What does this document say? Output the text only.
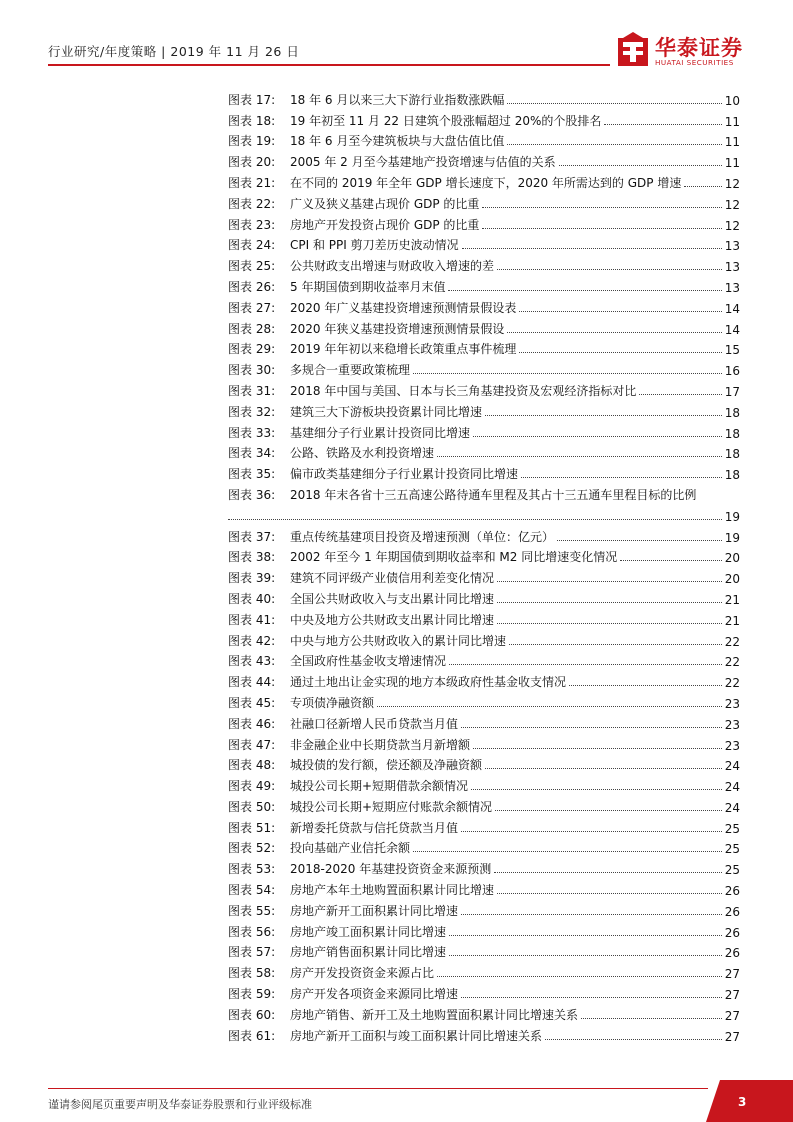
行业研究/年度策略 | 2019 年 11 月 26 日	华泰证券
HUATAI SECURITIES
图表 17:	18 年 6 月以来三大下游行业指数涨跌幅	10
图表 18:	19 年初至 11 月 22 日建筑个股涨幅超过 20%的个股排名	11
图表 19:	18 年 6 月至今建筑板块与大盘估值比值	11
图表 20:	2005 年 2 月至今基建地产投资增速与估值的关系	11
图表 21:	在不同的 2019 年全年 GDP 增长速度下，2020 年所需达到的 GDP 增速	12
图表 22:	广义及狭义基建占现价 GDP 的比重	12
图表 23:	房地产开发投资占现价 GDP 的比重	12
图表 24:	CPI 和 PPI 剪刀差历史波动情况	13
图表 25:	公共财政支出增速与财政收入增速的差	13
图表 26:	5 年期国债到期收益率月末值	13
图表 27:	2020 年广义基建投资增速预测情景假设表	14
图表 28:	2020 年狭义基建投资增速预测情景假设	14
图表 29:	2019 年年初以来稳增长政策重点事件梳理	15
图表 30:	多规合一重要政策梳理	16
图表 31:	2018 年中国与美国、日本与长三角基建投资及宏观经济指标对比	17
图表 32:	建筑三大下游板块投资累计同比增速	18
图表 33:	基建细分子行业累计投资同比增速	18
图表 34:	公路、铁路及水利投资增速	18
图表 35:	偏市政类基建细分子行业累计投资同比增速	18
图表 36:	2018 年末各省十三五高速公路待通车里程及其占十三五通车里程目标的比例
19
图表 37:	重点传统基建项目投资及增速预测（单位：亿元）	19
图表 38:	2002 年至今 1 年期国债到期收益率和 M2 同比增速变化情况	20
图表 39:	建筑不同评级产业债信用利差变化情况	20
图表 40:	全国公共财政收入与支出累计同比增速	21
图表 41:	中央及地方公共财政支出累计同比增速	21
图表 42:	中央与地方公共财政收入的累计同比增速	22
图表 43:	全国政府性基金收支增速情况	22
图表 44:	通过土地出让金实现的地方本级政府性基金收支情况	22
图表 45:	专项债净融资额	23
图表 46:	社融口径新增人民币贷款当月值	23
图表 47:	非金融企业中长期贷款当月新增额	23
图表 48:	城投债的发行额，偿还额及净融资额	24
图表 49:	城投公司长期+短期借款余额情况	24
图表 50:	城投公司长期+短期应付账款余额情况	24
图表 51:	新增委托贷款与信托贷款当月值	25
图表 52:	投向基础产业信托余额	25
图表 53:	2018-2020 年基建投资资金来源预测	25
图表 54:	房地产本年土地购置面积累计同比增速	26
图表 55:	房地产新开工面积累计同比增速	26
图表 56:	房地产竣工面积累计同比增速	26
图表 57:	房地产销售面积累计同比增速	26
图表 58:	房产开发投资资金来源占比	27
图表 59:	房产开发各项资金来源同比增速	27
图表 60:	房地产销售、新开工及土地购置面积累计同比增速关系	27
图表 61:	房地产新开工面积与竣工面积累计同比增速关系	27
谨请参阅尾页重要声明及华泰证券股票和行业评级标准	3
